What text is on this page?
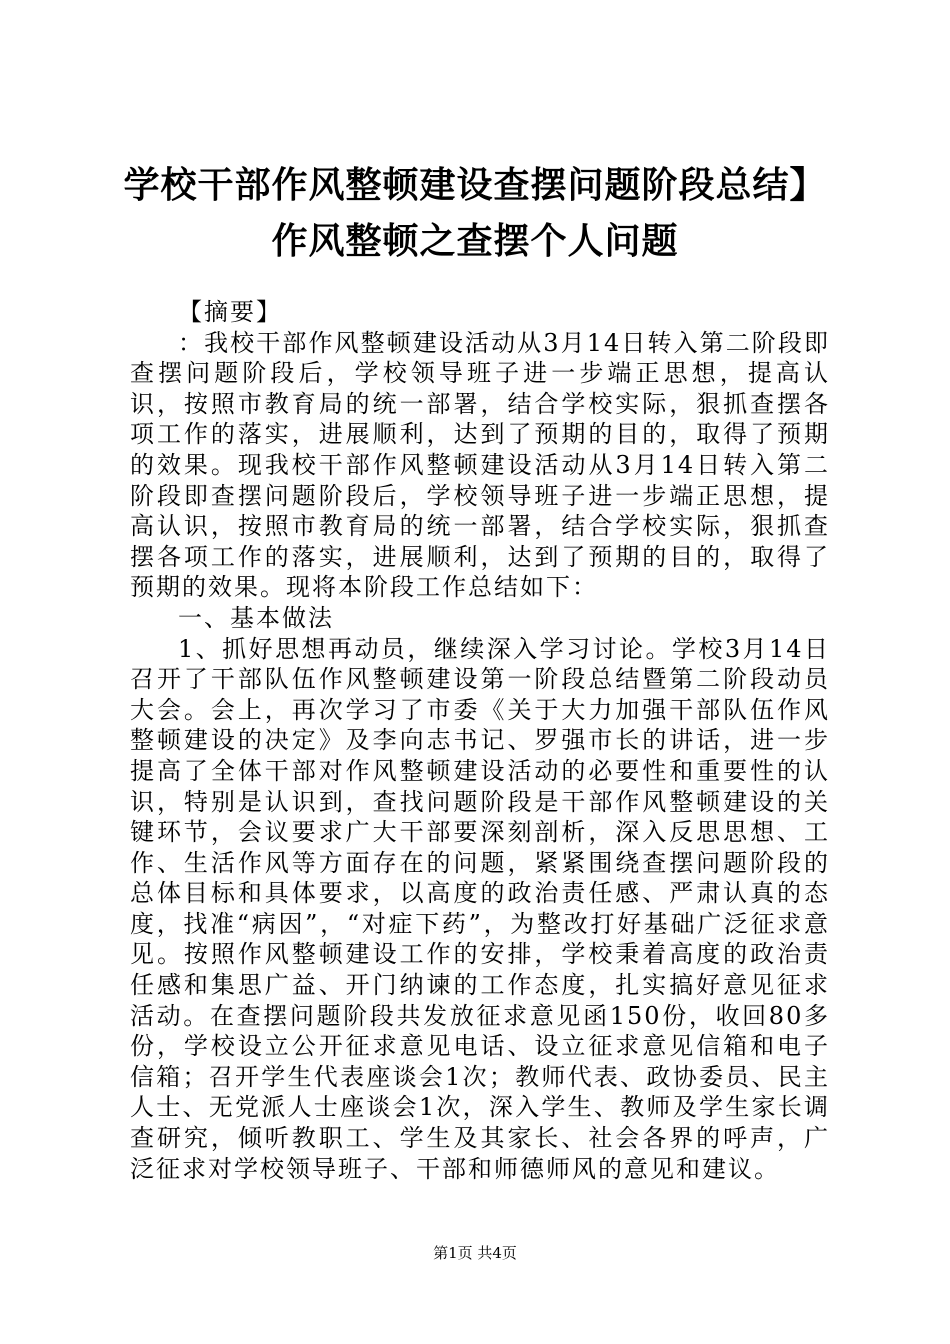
学校干部作风整顿建设查摆问题阶段总结】作风整顿之查摆个人问题

【摘要】

：我校干部作风整顿建设活动从3月14日转入第二阶段即查摆问题阶段后，学校领导班子进一步端正思想，提高认识，按照市教育局的统一部署，结合学校实际，狠抓查摆各项工作的落实，进展顺利，达到了预期的目的，取得了预期的效果。现我校干部作风整顿建设活动从3月14日转入第二阶段即查摆问题阶段后，学校领导班子进一步端正思想，提高认识，按照市教育局的统一部署，结合学校实际，狠抓查摆各项工作的落实，进展顺利，达到了预期的目的，取得了预期的效果。现将本阶段工作总结如下：

一、基本做法

1、抓好思想再动员，继续深入学习讨论。学校3月14日召开了干部队伍作风整顿建设第一阶段总结暨第二阶段动员大会。会上，再次学习了市委《关于大力加强干部队伍作风整顿建设的决定》及李向志书记、罗强市长的讲话，进一步提高了全体干部对作风整顿建设活动的必要性和重要性的认识，特别是认识到，查找问题阶段是干部作风整顿建设的关键环节，会议要求广大干部要深刻剖析，深入反思思想、工作、生活作风等方面存在的问题，紧紧围绕查摆问题阶段的总体目标和具体要求，以高度的政治责任感、严肃认真的态度，找准“病因”，“对症下药”，为整改打好基础广泛征求意见。按照作风整顿建设工作的安排，学校秉着高度的政治责任感和集思广益、开门纳谏的工作态度，扎实搞好意见征求活动。在查摆问题阶段共发放征求意见函150份，收回80多份，学校设立公开征求意见电话、设立征求意见信箱和电子信箱；召开学生代表座谈会1次；教师代表、政协委员、民主人士、无党派人士座谈会1次，深入学生、教师及学生家长调查研究，倾听教职工、学生及其家长、社会各界的呼声，广泛征求对学校领导班子、干部和师德师风的意见和建议。

第1页 共4页
